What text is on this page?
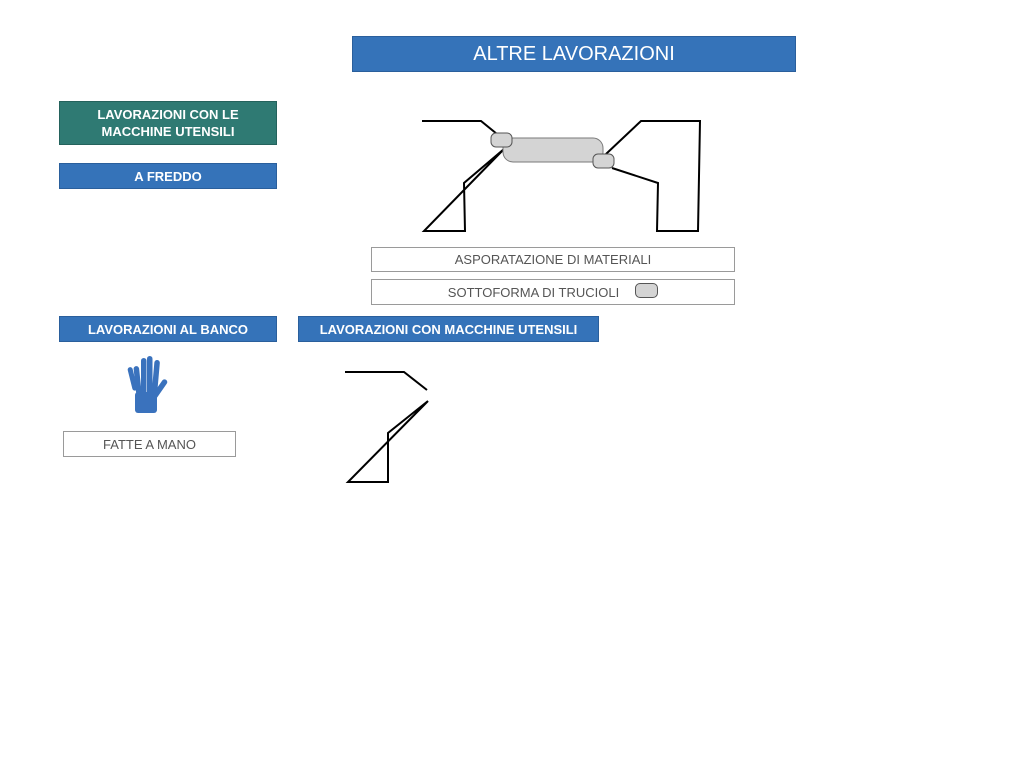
ALTRE LAVORAZIONI
LAVORAZIONI CON LE
MACCHINE UTENSILI
A FREDDO
ASPORATAZIONE DI MATERIALI
SOTTOFORMA DI TRUCIOLI
LAVORAZIONI AL BANCO	LAVORAZIONI CON MACCHINE UTENSILI
FATTE A MANO
